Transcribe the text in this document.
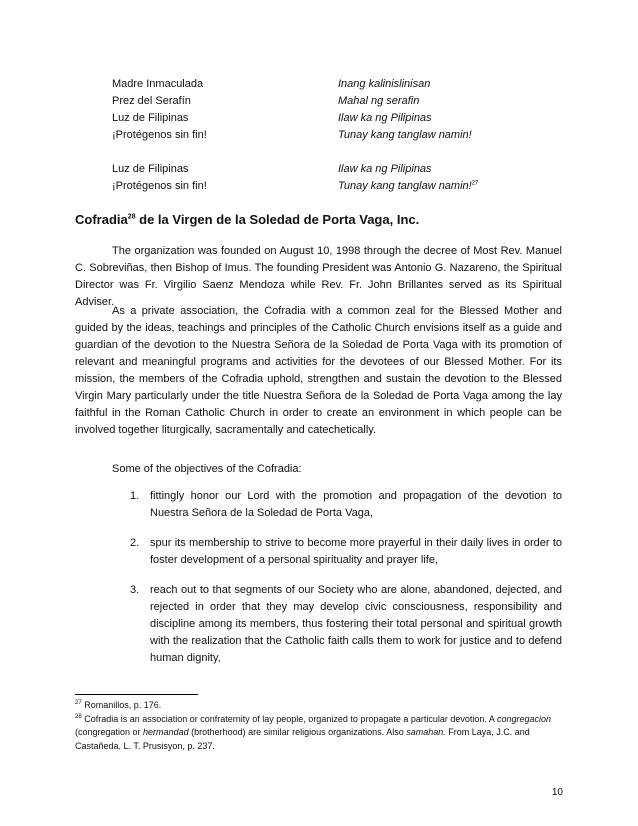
Madre Inmaculada	Inang kalinislinisan
Prez del Serafín	Mahal ng serafin
Luz de Filipinas	Ilaw ka ng Pilipinas
¡Protégenos sin fin!	Tunay kang tanglaw namin!
Luz de Filipinas	Ilaw ka ng Pilipinas
¡Protégenos sin fin!	Tunay kang tanglaw namin!$^{27}$
Cofradia$^{28}$ de la Virgen de la Soledad de Porta Vaga, Inc.

The organization was founded on August 10, 1998 through the decree of Most Rev. Manuel C. Sobreviñas, then Bishop of Imus. The founding President was Antonio G. Nazareno, the Spiritual Director was Fr. Virgilio Saenz Mendoza while Rev. Fr. John Brillantes served as its Spiritual Adviser.

As a private association, the Cofradia with a common zeal for the Blessed Mother and guided by the ideas, teachings and principles of the Catholic Church envisions itself as a guide and guardian of the devotion to the Nuestra Señora de la Soledad de Porta Vaga with its promotion of relevant and meaningful programs and activities for the devotees of our Blessed Mother. For its mission, the members of the Cofradia uphold, strengthen and sustain the devotion to the Blessed Virgin Mary particularly under the title Nuestra Señora de la Soledad de Porta Vaga among the lay faithful in the Roman Catholic Church in order to create an environment in which people can be involved together liturgically, sacramentally and catechetically.

Some of the objectives of the Cofradia:

1. fittingly honor our Lord with the promotion and propagation of the devotion to Nuestra Señora de la Soledad de Porta Vaga,
2. spur its membership to strive to become more prayerful in their daily lives in order to foster development of a personal spirituality and prayer life,
3. reach out to that segments of our Society who are alone, abandoned, dejected, and rejected in order that they may develop civic consciousness, responsibility and discipline among its members, thus fostering their total personal and spiritual growth with the realization that the Catholic faith calls them to work for justice and to defend human dignity,

$^{27}$ Romanillos, p. 176.

$^{28}$ Cofradia is an association or confraternity of lay people, organized to propagate a particular devotion. A congregacion (congregation or hermandad (brotherhood) are similar religious organizations. Also samahan. From Laya, J.C. and Castañeda, L. T. Prusisyon, p. 237.

10
